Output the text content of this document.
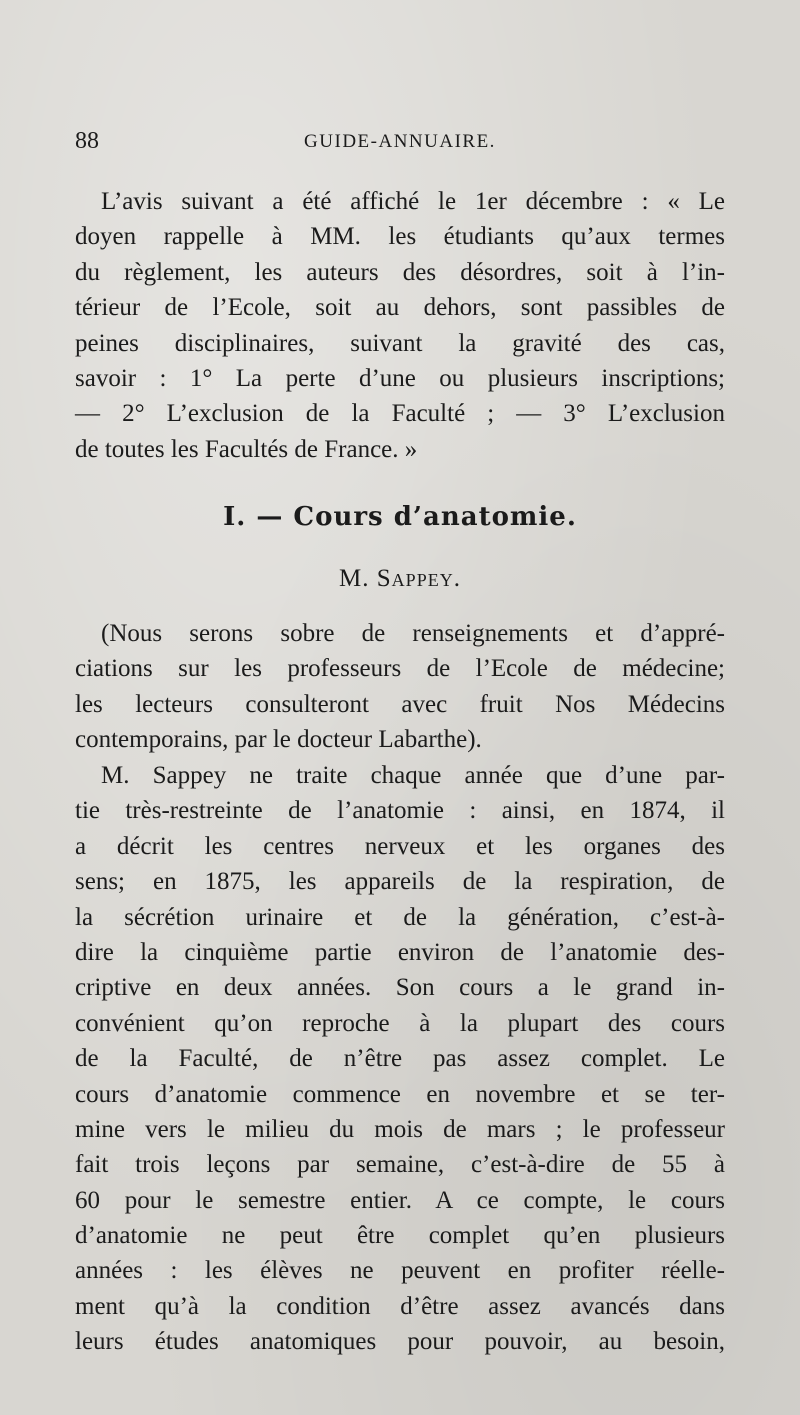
88	GUIDE-ANNUAIRE.
L’avis suivant a été affiché le 1er décembre : « Le
doyen rappelle à MM. les étudiants qu’aux termes
du règlement, les auteurs des désordres, soit à l’in-
térieur de l’Ecole, soit au dehors, sont passibles de
peines disciplinaires, suivant la gravité des cas,
savoir : 1° La perte d’une ou plusieurs inscriptions;
— 2° L’exclusion de la Faculté ; — 3° L’exclusion
de toutes les Facultés de France. »
I. — Cours d’anatomie.
M. Sappey.
(Nous serons sobre de renseignements et d’appré-
ciations sur les professeurs de l’Ecole de médecine;
les lecteurs consulteront avec fruit Nos Médecins
contemporains, par le docteur Labarthe).
M. Sappey ne traite chaque année que d’une par-
tie très-restreinte de l’anatomie : ainsi, en 1874, il
a décrit les centres nerveux et les organes des
sens; en 1875, les appareils de la respiration, de
la sécrétion urinaire et de la génération, c’est-à-
dire la cinquième partie environ de l’anatomie des-
criptive en deux années. Son cours a le grand in-
convénient qu’on reproche à la plupart des cours
de la Faculté, de n’être pas assez complet. Le
cours d’anatomie commence en novembre et se ter-
mine vers le milieu du mois de mars ; le professeur
fait trois leçons par semaine, c’est-à-dire de 55 à
60 pour le semestre entier. A ce compte, le cours
d’anatomie ne peut être complet qu’en plusieurs
années : les élèves ne peuvent en profiter réelle-
ment qu’à la condition d’être assez avancés dans
leurs études anatomiques pour pouvoir, au besoin,
